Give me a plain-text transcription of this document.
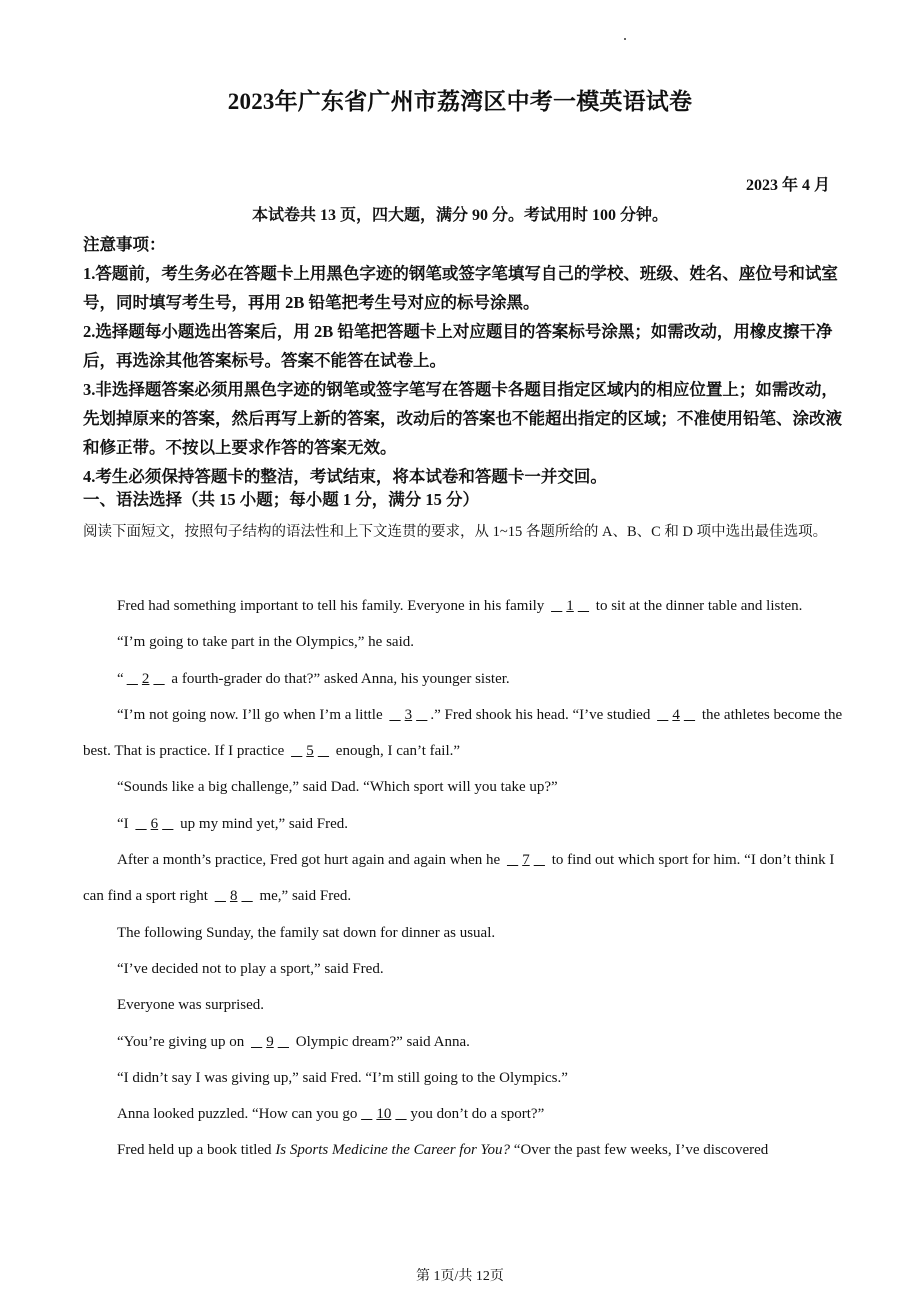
2023年广东省广州市荔湾区中考一模英语试卷
2023 年 4 月
本试卷共 13 页，四大题，满分 90 分。考试用时 100 分钟。

注意事项：

1.答题前，考生务必在答题卡上用黑色字迹的钢笔或签字笔填写自己的学校、班级、姓名、座位号和试室号，同时填写考生号，再用 2B 铅笔把考生号对应的标号涂黑。

2.选择题每小题选出答案后，用 2B 铅笔把答题卡上对应题目的答案标号涂黑；如需改动，用橡皮擦干净后，再选涂其他答案标号。答案不能答在试卷上。

3.非选择题答案必须用黑色字迹的钢笔或签字笔写在答题卡各题目指定区域内的相应位置上；如需改动，先划掉原来的答案，然后再写上新的答案，改动后的答案也不能超出指定的区域；不准使用铅笔、涂改液和修正带。不按以上要求作答的答案无效。

4.考生必须保持答题卡的整洁，考试结束，将本试卷和答题卡一并交回。

一、语法选择（共 15 小题；每小题 1 分，满分 15 分）
阅读下面短文，按照句子结构的语法性和上下文连贯的要求，从 1~15 各题所给的 A、B、C 和 D 项中选出最佳选项。

Fred had something important to tell his family. Everyone in his family    1    to sit at the dinner table and listen.

“I’m going to take part in the Olympics,” he said.

“ 2    a fourth-grader do that?” asked Anna, his younger sister.

“I’m not going now. I’ll go when I’m a little    3 .” Fred shook his head. “I’ve studied    4    the athletes become the best. That is practice. If I practice    5    enough, I can’t fail.”

“Sounds like a big challenge,” said Dad. “Which sport will you take up?”

“I    6    up my mind yet,” said Fred.

After a month’s practice, Fred got hurt again and again when he    7    to find out which sport for him. “I don’t think I can find a sport right    8    me,” said Fred.

The following Sunday, the family sat down for dinner as usual.

“I’ve decided not to play a sport,” said Fred.

Everyone was surprised.

“You’re giving up on    9    Olympic dream?” said Anna.

“I didn’t say I was giving up,” said Fred. “I’m still going to the Olympics.”

Anna looked puzzled. “How can you go    10    you don’t do a sport?”

Fred held up a book titled Is Sports Medicine the Career for You? “Over the past few weeks, I’ve discovered

第 1页/共 12页
